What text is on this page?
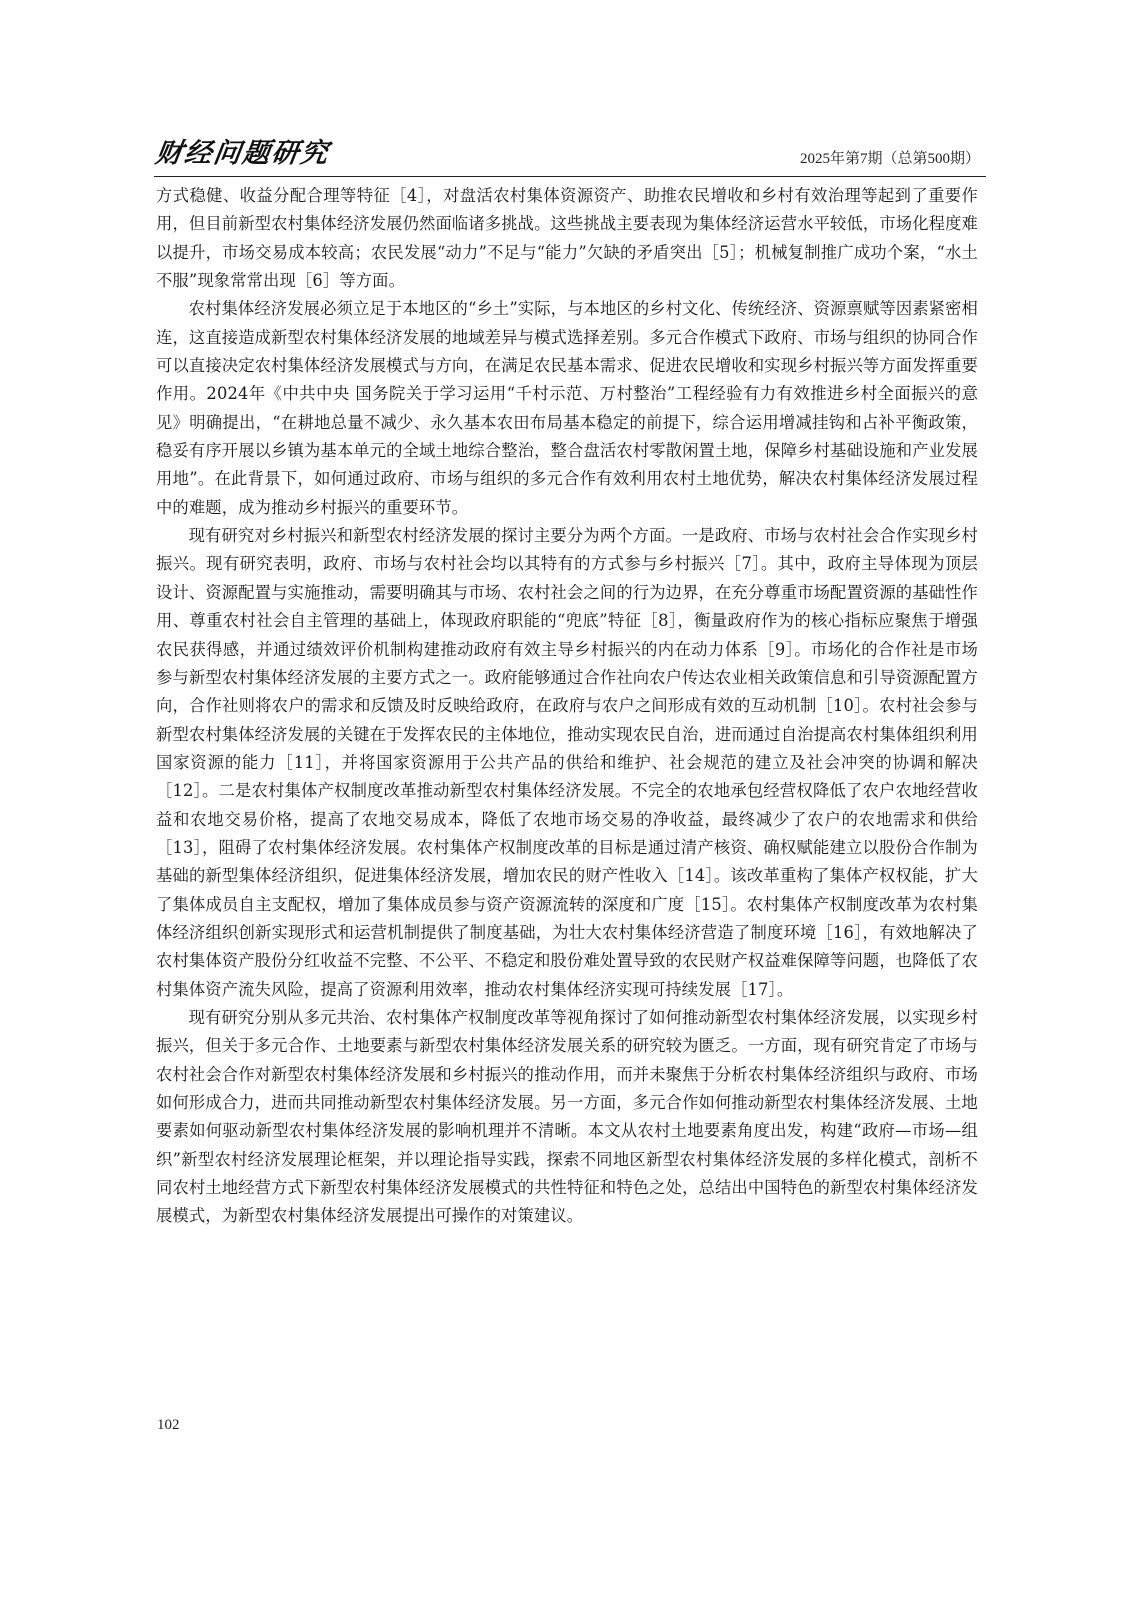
财经问题研究	2025年第7期（总第500期）

方式稳健、收益分配合理等特征［4］，对盘活农村集体资源资产、助推农民增收和乡村有效治理等起到了重要作用，但目前新型农村集体经济发展仍然面临诸多挑战。这些挑战主要表现为集体经济运营水平较低，市场化程度难以提升，市场交易成本较高；农民发展“动力”不足与“能力”欠缺的矛盾突出［5］；机械复制推广成功个案，“水土不服”现象常常出现［6］等方面。

农村集体经济发展必须立足于本地区的“乡土”实际，与本地区的乡村文化、传统经济、资源禀赋等因素紧密相连，这直接造成新型农村集体经济发展的地域差异与模式选择差别。多元合作模式下政府、市场与组织的协同合作可以直接决定农村集体经济发展模式与方向，在满足农民基本需求、促进农民增收和实现乡村振兴等方面发挥重要作用。2024年《中共中央 国务院关于学习运用“千村示范、万村整治”工程经验有力有效推进乡村全面振兴的意见》明确提出，“在耕地总量不减少、永久基本农田布局基本稳定的前提下，综合运用增减挂钩和占补平衡政策，稳妥有序开展以乡镇为基本单元的全域土地综合整治，整合盘活农村零散闲置土地，保障乡村基础设施和产业发展用地”。在此背景下，如何通过政府、市场与组织的多元合作有效利用农村土地优势，解决农村集体经济发展过程中的难题，成为推动乡村振兴的重要环节。

现有研究对乡村振兴和新型农村经济发展的探讨主要分为两个方面。一是政府、市场与农村社会合作实现乡村振兴。现有研究表明，政府、市场与农村社会均以其特有的方式参与乡村振兴［7］。其中，政府主导体现为顶层设计、资源配置与实施推动，需要明确其与市场、农村社会之间的行为边界，在充分尊重市场配置资源的基础性作用、尊重农村社会自主管理的基础上，体现政府职能的“兜底”特征［8］，衡量政府作为的核心指标应聚焦于增强农民获得感，并通过绩效评价机制构建推动政府有效主导乡村振兴的内在动力体系［9］。市场化的合作社是市场参与新型农村集体经济发展的主要方式之一。政府能够通过合作社向农户传达农业相关政策信息和引导资源配置方向，合作社则将农户的需求和反馈及时反映给政府，在政府与农户之间形成有效的互动机制［10］。农村社会参与新型农村集体经济发展的关键在于发挥农民的主体地位，推动实现农民自治，进而通过自治提高农村集体组织利用国家资源的能力［11］，并将国家资源用于公共产品的供给和维护、社会规范的建立及社会冲突的协调和解决［12］。二是农村集体产权制度改革推动新型农村集体经济发展。不完全的农地承包经营权降低了农户农地经营收益和农地交易价格，提高了农地交易成本，降低了农地市场交易的净收益，最终减少了农户的农地需求和供给［13］，阻碍了农村集体经济发展。农村集体产权制度改革的目标是通过清产核资、确权赋能建立以股份合作制为基础的新型集体经济组织，促进集体经济发展，增加农民的财产性收入［14］。该改革重构了集体产权权能，扩大了集体成员自主支配权，增加了集体成员参与资产资源流转的深度和广度［15］。农村集体产权制度改革为农村集体经济组织创新实现形式和运营机制提供了制度基础，为壮大农村集体经济营造了制度环境［16］，有效地解决了农村集体资产股份分红收益不完整、不公平、不稳定和股份难处置导致的农民财产权益难保障等问题，也降低了农村集体资产流失风险，提高了资源利用效率，推动农村集体经济实现可持续发展［17］。

现有研究分别从多元共治、农村集体产权制度改革等视角探讨了如何推动新型农村集体经济发展，以实现乡村振兴，但关于多元合作、土地要素与新型农村集体经济发展关系的研究较为匮乏。一方面，现有研究肯定了市场与农村社会合作对新型农村集体经济发展和乡村振兴的推动作用，而并未聚焦于分析农村集体经济组织与政府、市场如何形成合力，进而共同推动新型农村集体经济发展。另一方面，多元合作如何推动新型农村集体经济发展、土地要素如何驱动新型农村集体经济发展的影响机理并不清晰。本文从农村土地要素角度出发，构建“政府—市场—组织”新型农村经济发展理论框架，并以理论指导实践，探索不同地区新型农村集体经济发展的多样化模式，剖析不同农村土地经营方式下新型农村集体经济发展模式的共性特征和特色之处，总结出中国特色的新型农村集体经济发展模式，为新型农村集体经济发展提出可操作的对策建议。

102
